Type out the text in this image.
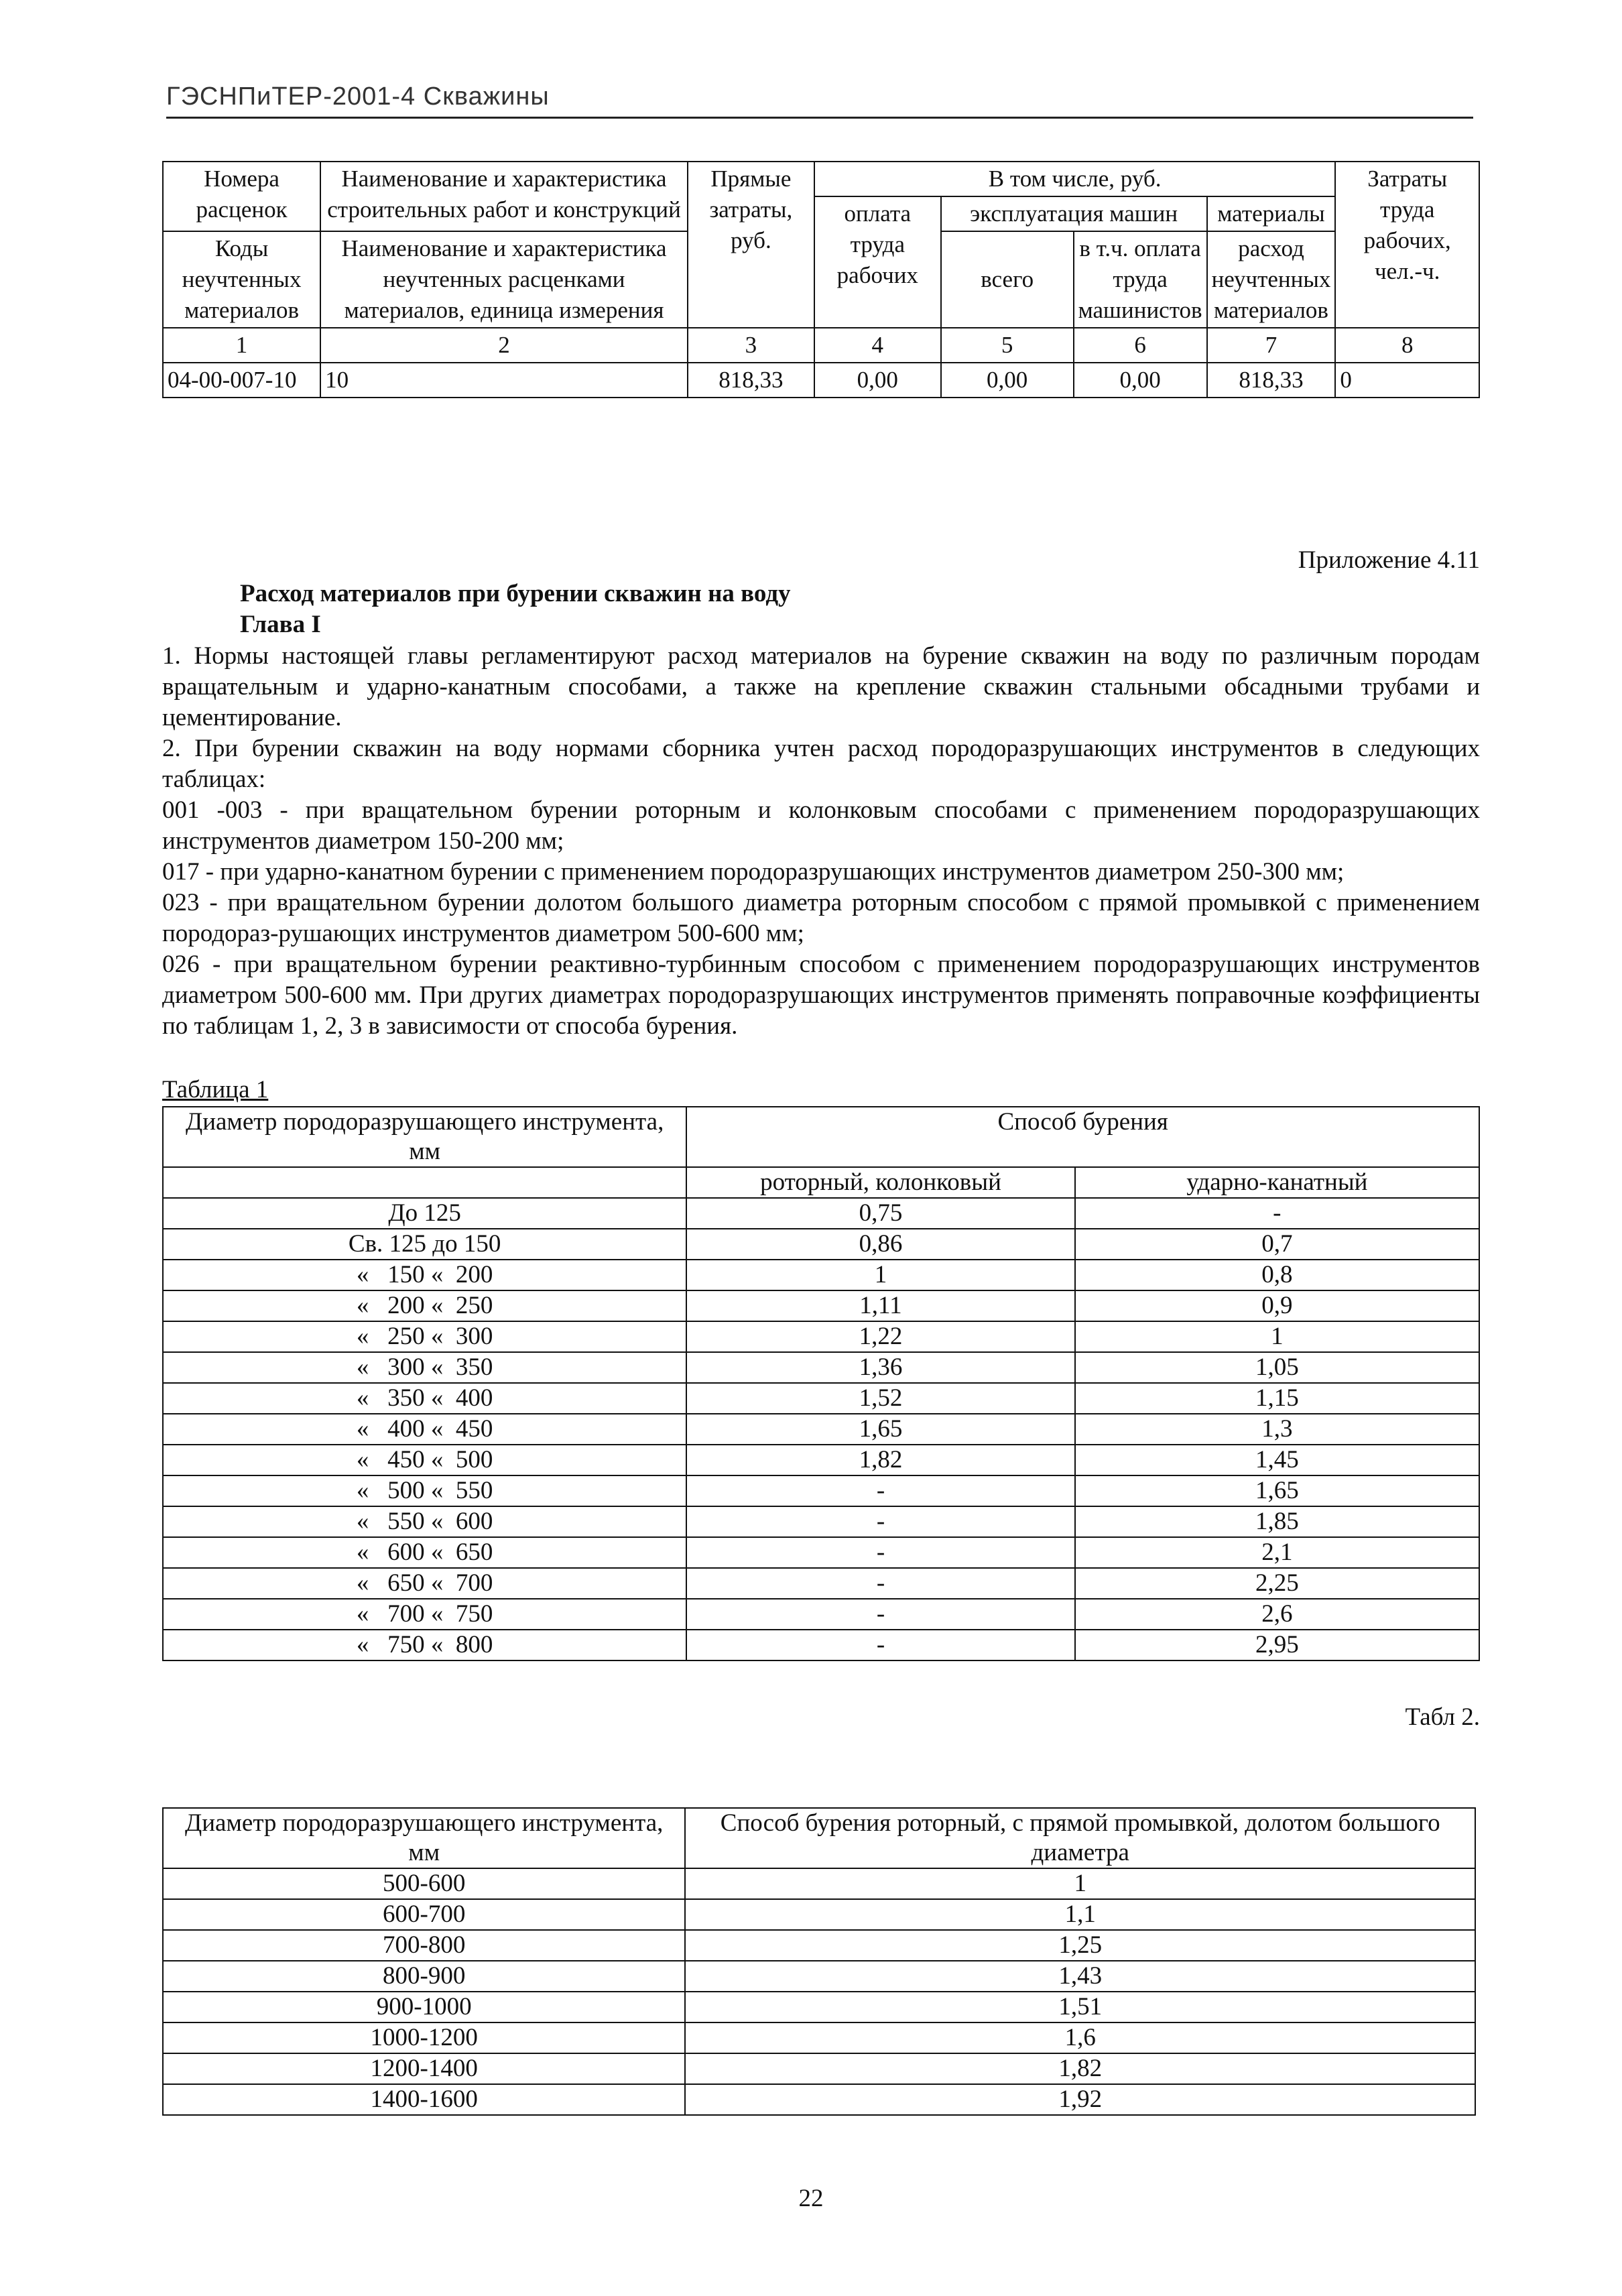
ГЭСНПиТЕР-2001-4 Скважины
Номера расценок	Наименование и характеристика строительных работ и конструкций	Прямые затраты, руб.	В том числе, руб.				Затраты труда рабочих, чел.-ч.
			оплата труда рабочих	эксплуатация машин		материалы	
Коды неучтенных материалов	Наименование и характеристика неучтенных расценками материалов, единица измерения			всего	в т.ч. оплата труда машинистов	расход неучтенных материалов	

1	2	3	4	5	6	7	8
04-00-007-10	10	818,33	0,00	0,00	0,00	818,33	0
Приложение 4.11
Расход материалов при бурении скважин на воду
Глава I

1. Нормы настоящей главы регламентируют расход материалов на бурение скважин на воду по различным породам вращательным и ударно-канатным способами, а также на крепление скважин стальными обсадными трубами и цементирование.

2. При бурении скважин на воду нормами сборника учтен расход породоразрушающих инструментов в следующих таблицах:

001 -003 - при вращательном бурении роторным и колонковым способами с применением породоразрушающих инструментов диаметром 150-200 мм;

017 - при ударно-канатном бурении с применением породоразрушающих инструментов диаметром 250-300 мм;

023 - при вращательном бурении долотом большого диаметра роторным способом с прямой промывкой с применением породораз-рушающих инструментов диаметром 500-600 мм;

026 - при вращательном бурении реактивно-турбинным способом с применением породоразрушающих инструментов диаметром 500-600 мм. При других диаметрах породоразрушающих инструментов применять поправочные коэффициенты по таблицам 1, 2, 3 в зависимости от способа бурения.

Таблица 1
Диаметр породоразрушающего инструмента, мм	Способ бурения	
	роторный, колонковый	ударно-канатный
До 125	0,75	-
Св. 125 до 150	0,86	0,7
«   150 «  200	1	0,8
«   200 «  250	1,11	0,9
«   250 «  300	1,22	1
«   300 «  350	1,36	1,05
«   350 «  400	1,52	1,15
«   400 «  450	1,65	1,3
«   450 «  500	1,82	1,45
«   500 «  550	-	1,65
«   550 «  600	-	1,85
«   600 «  650	-	2,1
«   650 «  700	-	2,25
«   700 «  750	-	2,6
«   750 «  800	-	2,95
Табл 2.
Диаметр породоразрушающего инструмента, мм	Способ бурения роторный, с прямой промывкой, долотом большого диаметра
500-600	1
600-700	1,1
700-800	1,25
800-900	1,43
900-1000	1,51
1000-1200	1,6
1200-1400	1,82
1400-1600	1,92
22
